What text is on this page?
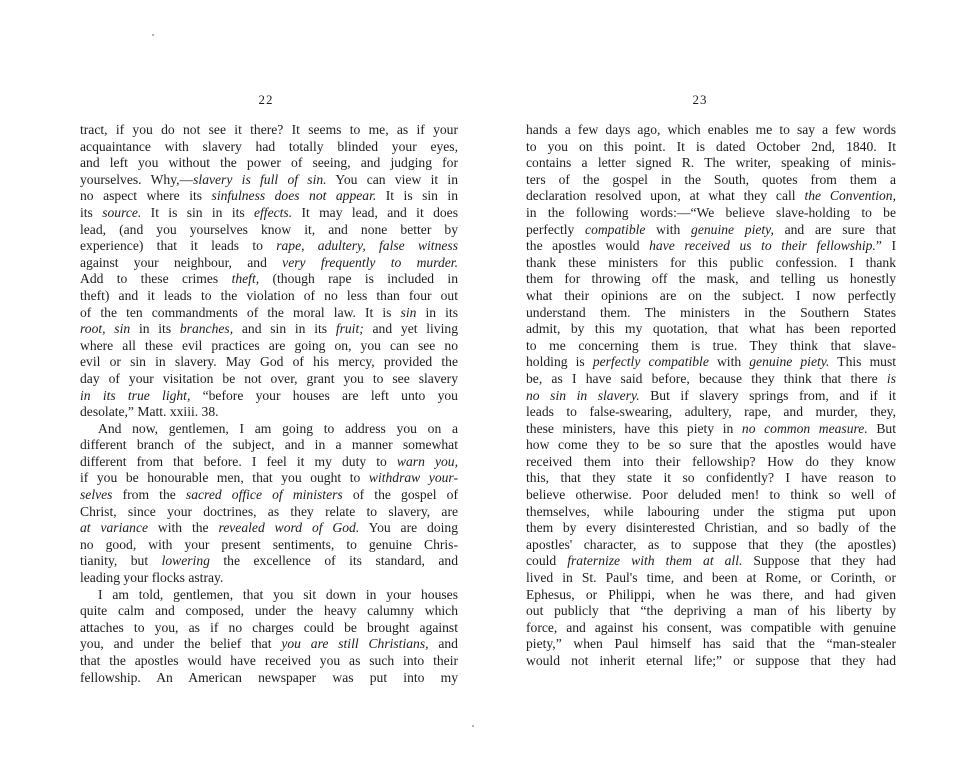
22	23
tract, if you do not see it there? It seems to me, as if your
acquaintance with slavery had totally blinded your eyes,
and left you without the power of seeing, and judging for
yourselves. Why,—slavery is full of sin. You can view it in
no aspect where its sinfulness does not appear. It is sin in
its source. It is sin in its effects. It may lead, and it does
lead, (and you yourselves know it, and none better by
experience) that it leads to rape, adultery, false witness
against your neighbour, and very frequently to murder.
Add to these crimes theft, (though rape is included in
theft) and it leads to the violation of no less than four out
of the ten commandments of the moral law. It is sin in its
root, sin in its branches, and sin in its fruit; and yet living
where all these evil practices are going on, you can see no
evil or sin in slavery. May God of his mercy, provided the
day of your visitation be not over, grant you to see slavery
in its true light, “before your houses are left unto you
desolate,” Matt. xxiii. 38.
And now, gentlemen, I am going to address you on a
different branch of the subject, and in a manner somewhat
different from that before. I feel it my duty to warn you,
if you be honourable men, that you ought to withdraw your-
selves from the sacred office of ministers of the gospel of
Christ, since your doctrines, as they relate to slavery, are
at variance with the revealed word of God. You are doing
no good, with your present sentiments, to genuine Chris-
tianity, but lowering the excellence of its standard, and
leading your flocks astray.
I am told, gentlemen, that you sit down in your houses
quite calm and composed, under the heavy calumny which
attaches to you, as if no charges could be brought against
you, and under the belief that you are still Christians, and
that the apostles would have received you as such into their
fellowship. An American newspaper was put into my
hands a few days ago, which enables me to say a few words
to you on this point. It is dated October 2nd, 1840. It
contains a letter signed R. The writer, speaking of minis-
ters of the gospel in the South, quotes from them a
declaration resolved upon, at what they call the Convention,
in the following words:—“We believe slave-holding to be
perfectly compatible with genuine piety, and are sure that
the apostles would have received us to their fellowship.” I
thank these ministers for this public confession. I thank
them for throwing off the mask, and telling us honestly
what their opinions are on the subject. I now perfectly
understand them. The ministers in the Southern States
admit, by this my quotation, that what has been reported
to me concerning them is true. They think that slave-
holding is perfectly compatible with genuine piety. This must
be, as I have said before, because they think that there is
no sin in slavery. But if slavery springs from, and if it
leads to false-swearing, adultery, rape, and murder, they,
these ministers, have this piety in no common measure. But
how come they to be so sure that the apostles would have
received them into their fellowship? How do they know
this, that they state it so confidently? I have reason to
believe otherwise. Poor deluded men! to think so well of
themselves, while labouring under the stigma put upon
them by every disinterested Christian, and so badly of the
apostles' character, as to suppose that they (the apostles)
could fraternize with them at all. Suppose that they had
lived in St. Paul's time, and been at Rome, or Corinth, or
Ephesus, or Philippi, when he was there, and had given
out publicly that “the depriving a man of his liberty by
force, and against his consent, was compatible with genuine
piety,” when Paul himself has said that the “man-stealer
would not inherit eternal life;” or suppose that they had
